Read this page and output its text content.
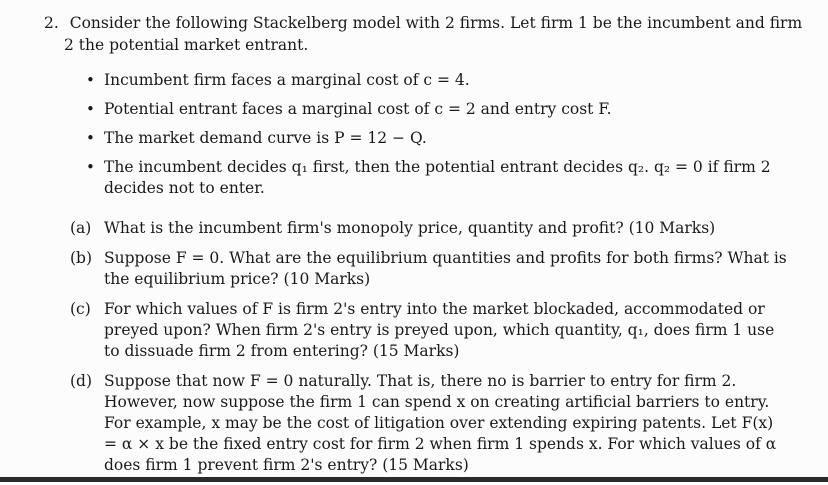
2. Consider the following Stackelberg model with 2 firms. Let firm 1 be the incumbent and firm

2 the potential market entrant.

• Incumbent firm faces a marginal cost of c = 4.
• Potential entrant faces a marginal cost of c = 2 and entry cost F.
• The market demand curve is P = 12 − Q.
• The incumbent decides q₁ first, then the potential entrant decides q₂. q₂ = 0 if firm 2 decides not to enter.
(a) What is the incumbent firm's monopoly price, quantity and profit? (10 Marks)
(b) Suppose F = 0. What are the equilibrium quantities and profits for both firms? What is the equilibrium price? (10 Marks)
(c) For which values of F is firm 2's entry into the market blockaded, accommodated or preyed upon? When firm 2's entry is preyed upon, which quantity, q₁, does firm 1 use to dissuade firm 2 from entering? (15 Marks)
(d) Suppose that now F = 0 naturally. That is, there no is barrier to entry for firm 2. However, now suppose the firm 1 can spend x on creating artificial barriers to entry. For example, x may be the cost of litigation over extending expiring patents. Let F(x) = α × x be the fixed entry cost for firm 2 when firm 1 spends x. For which values of α does firm 1 prevent firm 2's entry? (15 Marks)
